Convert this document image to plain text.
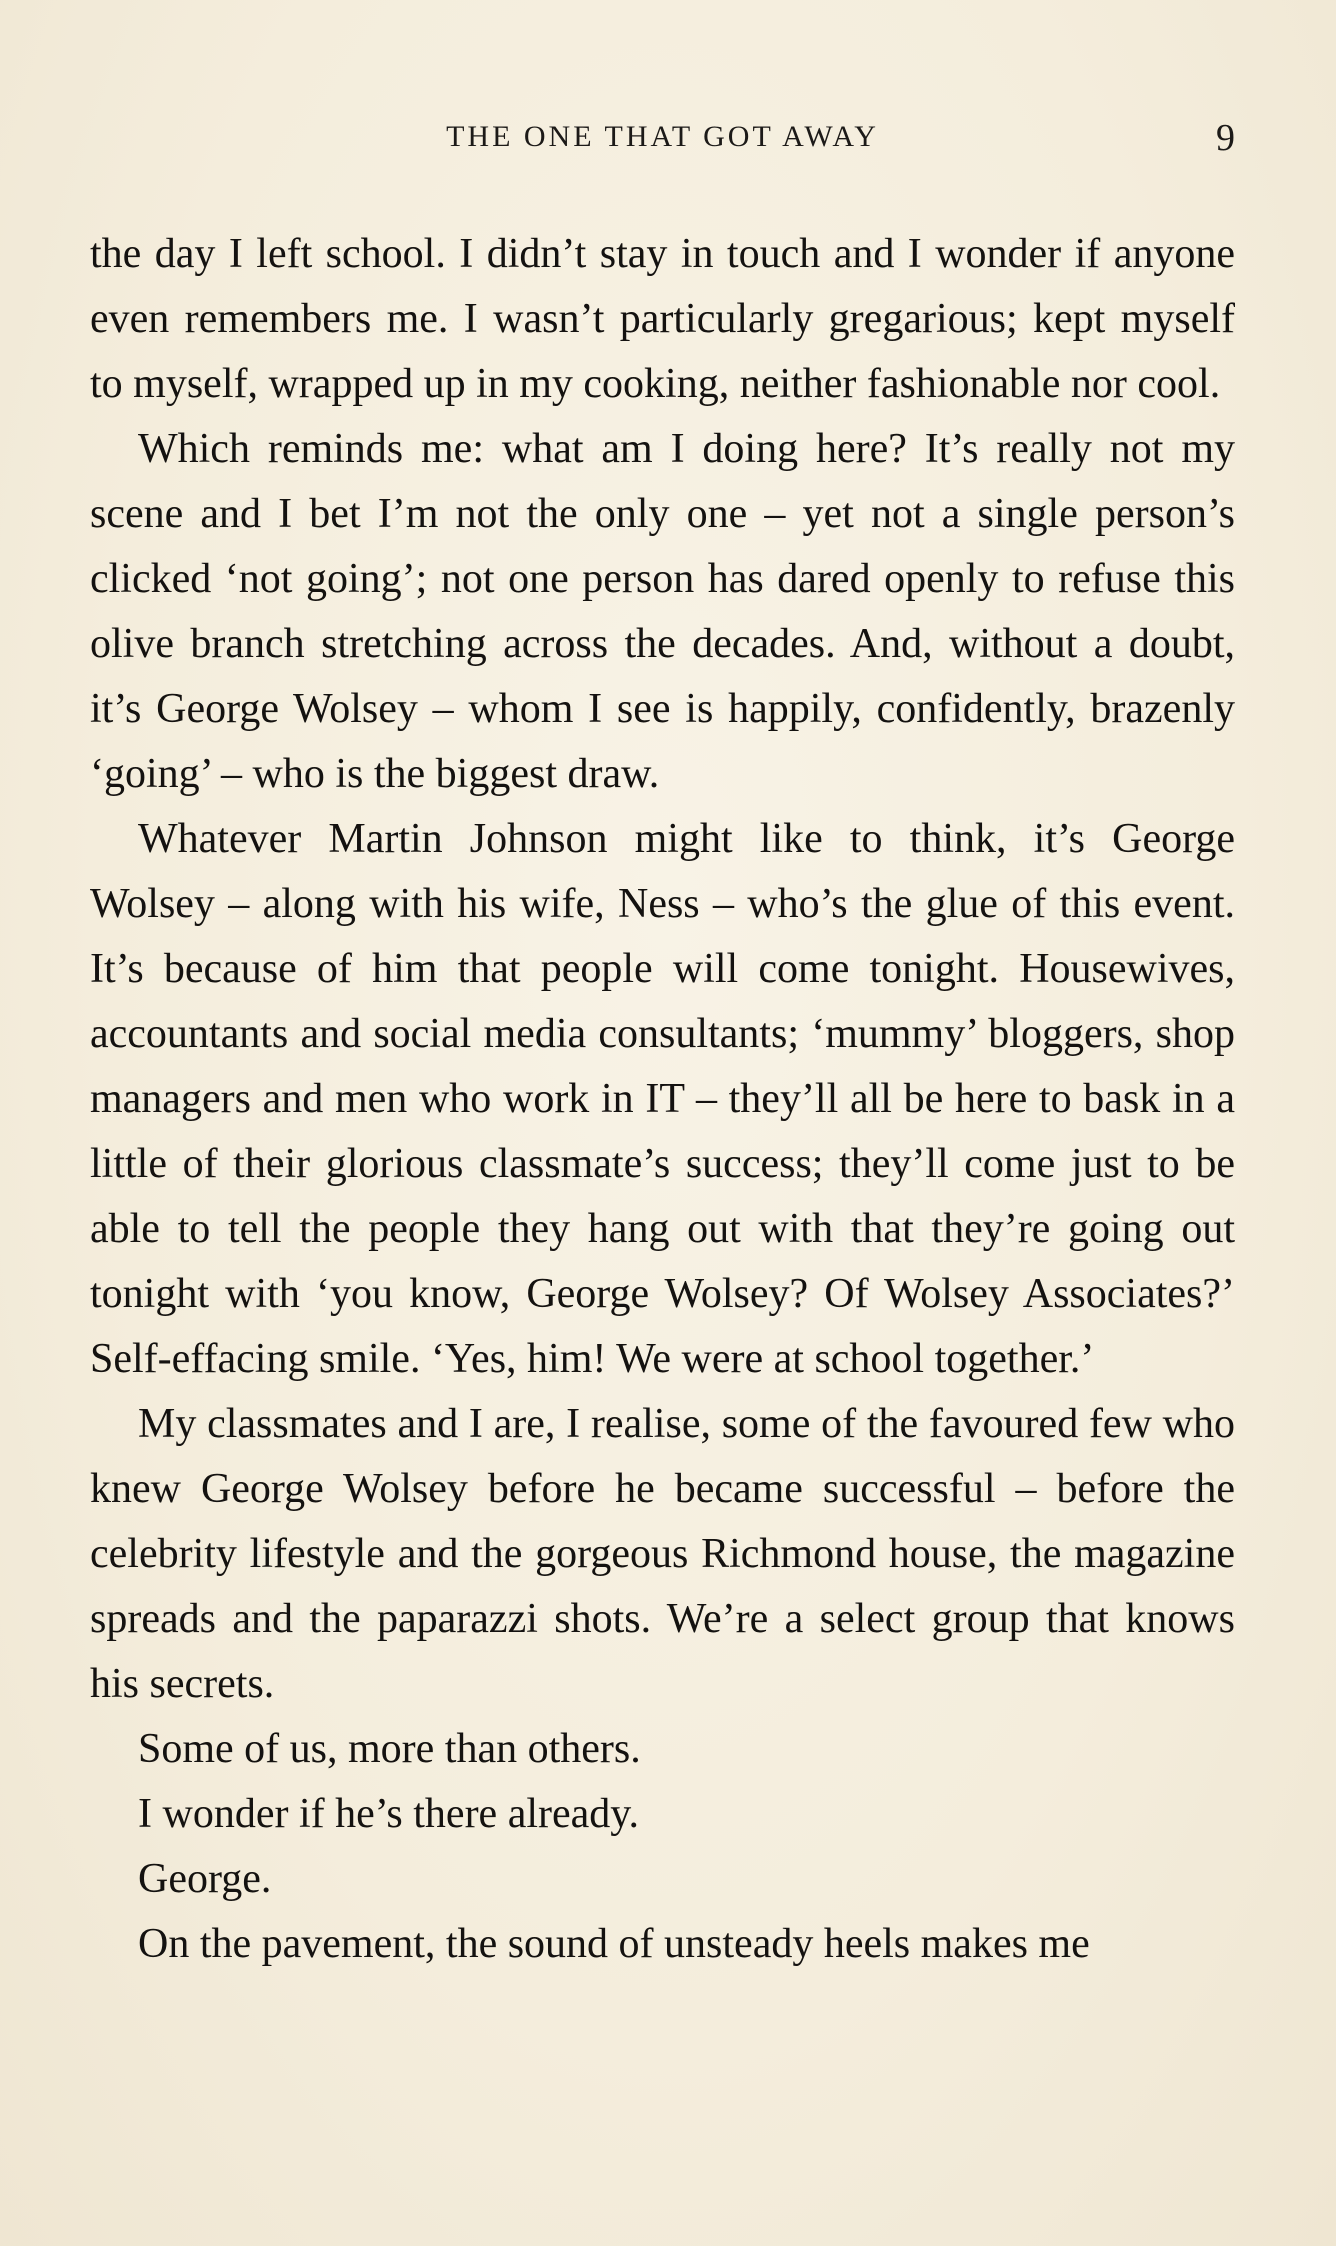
THE ONE THAT GOT AWAY	9

the day I left school. I didn’t stay in touch and I wonder if anyone even remembers me. I wasn’t particularly gregarious; kept myself to myself, wrapped up in my cooking, neither fashionable nor cool.

Which reminds me: what am I doing here? It’s really not my scene and I bet I’m not the only one – yet not a single person’s clicked ‘not going’; not one person has dared openly to refuse this olive branch stretching across the decades. And, without a doubt, it’s George Wolsey – whom I see is happily, confidently, brazenly ‘going’ – who is the biggest draw.

Whatever Martin Johnson might like to think, it’s George Wolsey – along with his wife, Ness – who’s the glue of this event. It’s because of him that people will come tonight. Housewives, accountants and social media consultants; ‘mummy’ bloggers, shop managers and men who work in IT – they’ll all be here to bask in a little of their glorious classmate’s success; they’ll come just to be able to tell the people they hang out with that they’re going out tonight with ‘you know, George Wolsey? Of Wolsey Associates?’ Self-effacing smile. ‘Yes, him! We were at school together.’

My classmates and I are, I realise, some of the favoured few who knew George Wolsey before he became successful – before the celebrity lifestyle and the gorgeous Richmond house, the magazine spreads and the paparazzi shots. We’re a select group that knows his secrets.

Some of us, more than others.

I wonder if he’s there already.

George.

On the pavement, the sound of unsteady heels makes me
